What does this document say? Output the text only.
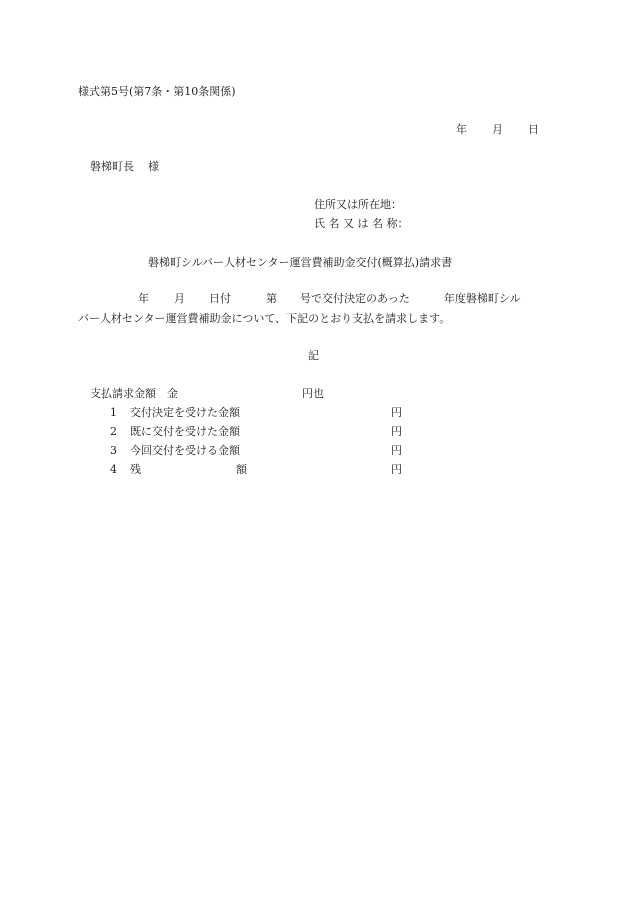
様式第5号(第7条・第10条関係)
年 月 日
磐梯町長 様
住所又は所在地：
氏 名 又 は 名 称：
磐梯町シルバー人材センター運営費補助金交付(概算払)請求書
年 月 日付	第 号で交付決定のあった	年度磐梯町シル
バー人材センター運営費補助金について、下記のとおり支払を請求します。
記
支払請求金額 金	円也
1 交付決定を受けた金額	円
2 既に交付を受けた金額	円
3 今回交付を受ける金額	円
4 残	額	円
